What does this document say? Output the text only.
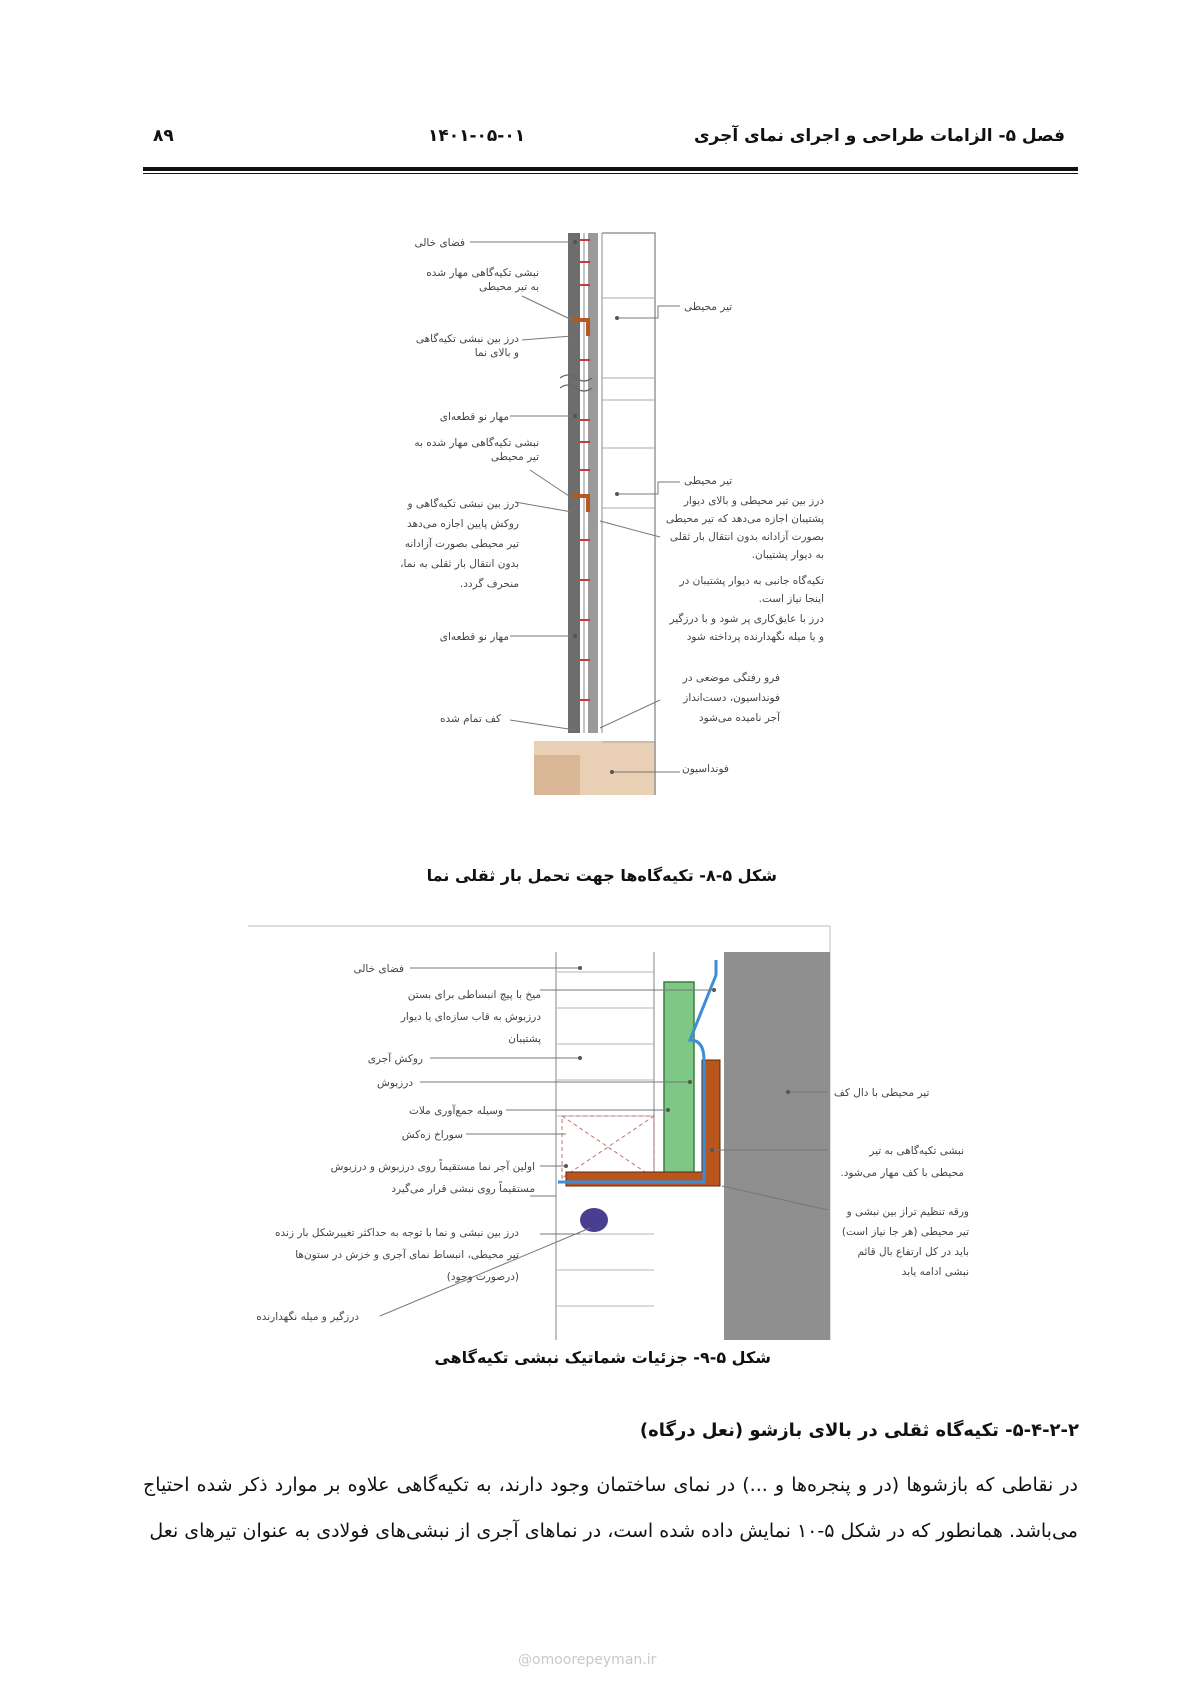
فصل ۵- الزامات طراحی و اجرای نمای آجری
۱۴۰۱-۰۵-۰۱
۸۹
فضای خالی
نبشی تکیه‌گاهی مهار شده به تیر محیطی
درز بین نبشی تکیه‌گاهی و بالای نما
مهار نو قطعه‌ای
نبشی تکیه‌گاهی مهار شده به تیر محیطی
درز بین نبشی تکیه‌گاهی و روکش پایین اجازه می‌دهد تیر محیطی بصورت آزادانه بدون انتقال بار ثقلی به نما، منحرف گردد.
مهار نو قطعه‌ای
کف تمام شده
تیر محیطی
تیر محیطی
درز بین تیر محیطی و بالای دیوار پشتیبان اجازه می‌دهد که تیر محیطی بصورت آزادانه بدون انتقال بار ثقلی به دیوار پشتیبان.
تکیه‌گاه جانبی به دیوار پشتیبان در اینجا نیاز است.
درز با عایق‌کاری پر شود و با درزگیر و یا میله نگهدارنده پرداخته شود
فرو رفتگی موضعی در فونداسیون، دست‌انداز آجر نامیده می‌شود
فونداسیون
شکل ۵-۸- تکیه‌گاه‌ها جهت تحمل بار ثقلی نما
فضای خالی
میخ با پیچ انبساطی برای بستن درزبوش به قاب سازه‌ای یا دیوار پشتیبان
روکش آجری
درزبوش
وسیله جمع‌آوری ملات
سوراخ زه‌کش
اولین آجر نما مستقیماً روی درزبوش و درزبوش مستقیماً روی نبشی قرار می‌گیرد
درز بین نبشی و نما با توجه به حداکثر تغییرشکل بار زنده تیر محیطی، انبساط نمای آجری و خزش در ستون‌ها (درصورت وجود)
درزگیر و میله نگهدارنده
تیر محیطی با دال کف
نبشی تکیه‌گاهی به تیر محیطی با کف مهار می‌شود.
ورقه تنظیم تراز بین نبشی و تیر محیطی (هر جا نیاز است) باید در کل ارتفاع بال قائم نبشی ادامه یابد
شکل ۵-۹- جزئیات شماتیک نبشی تکیه‌گاهی
۵-۴-۲-۲- تکیه‌گاه ثقلی در بالای بازشو (نعل درگاه)
در نقاطی که بازشوها (در و پنجره‌ها و ...) در نمای ساختمان وجود دارند، به تکیه‌گاهی علاوه بر موارد ذکر شده احتیاج می‌باشد. همانطور که در شکل ۵-۱۰ نمایش داده شده است، در نماهای آجری از نبشی‌های فولادی به عنوان تیرهای نعل
@omoorepeyman.ir
